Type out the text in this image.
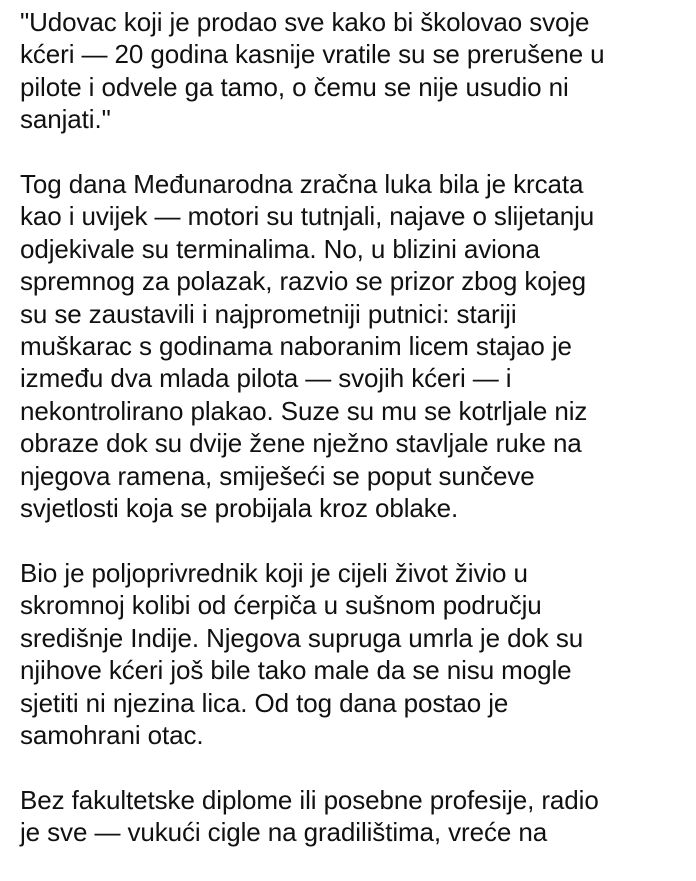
"Udovac koji je prodao sve kako bi školovao svoje
kćeri — 20 godina kasnije vratile su se prerušene u
pilote i odvele ga tamo, o čemu se nije usudio ni
sanjati."

Tog dana Međunarodna zračna luka bila je krcata
kao i uvijek — motori su tutnjali, najave o slijetanju
odjekivale su terminalima. No, u blizini aviona
spremnog za polazak, razvio se prizor zbog kojeg
su se zaustavili i najprometniji putnici: stariji
muškarac s godinama naboranim licem stajao je
između dva mlada pilota — svojih kćeri — i
nekontrolirano plakao. Suze su mu se kotrljale niz
obraze dok su dvije žene nježno stavljale ruke na
njegova ramena, smiješeći se poput sunčeve
svjetlosti koja se probijala kroz oblake.

Bio je poljoprivrednik koji je cijeli život živio u
skromnoj kolibi od ćerpiča u sušnom području
središnje Indije. Njegova supruga umrla je dok su
njihove kćeri još bile tako male da se nisu mogle
sjetiti ni njezina lica. Od tog dana postao je
samohrani otac.

Bez fakultetske diplome ili posebne profesije, radio
je sve — vukući cigle na gradilištima, vreće na
